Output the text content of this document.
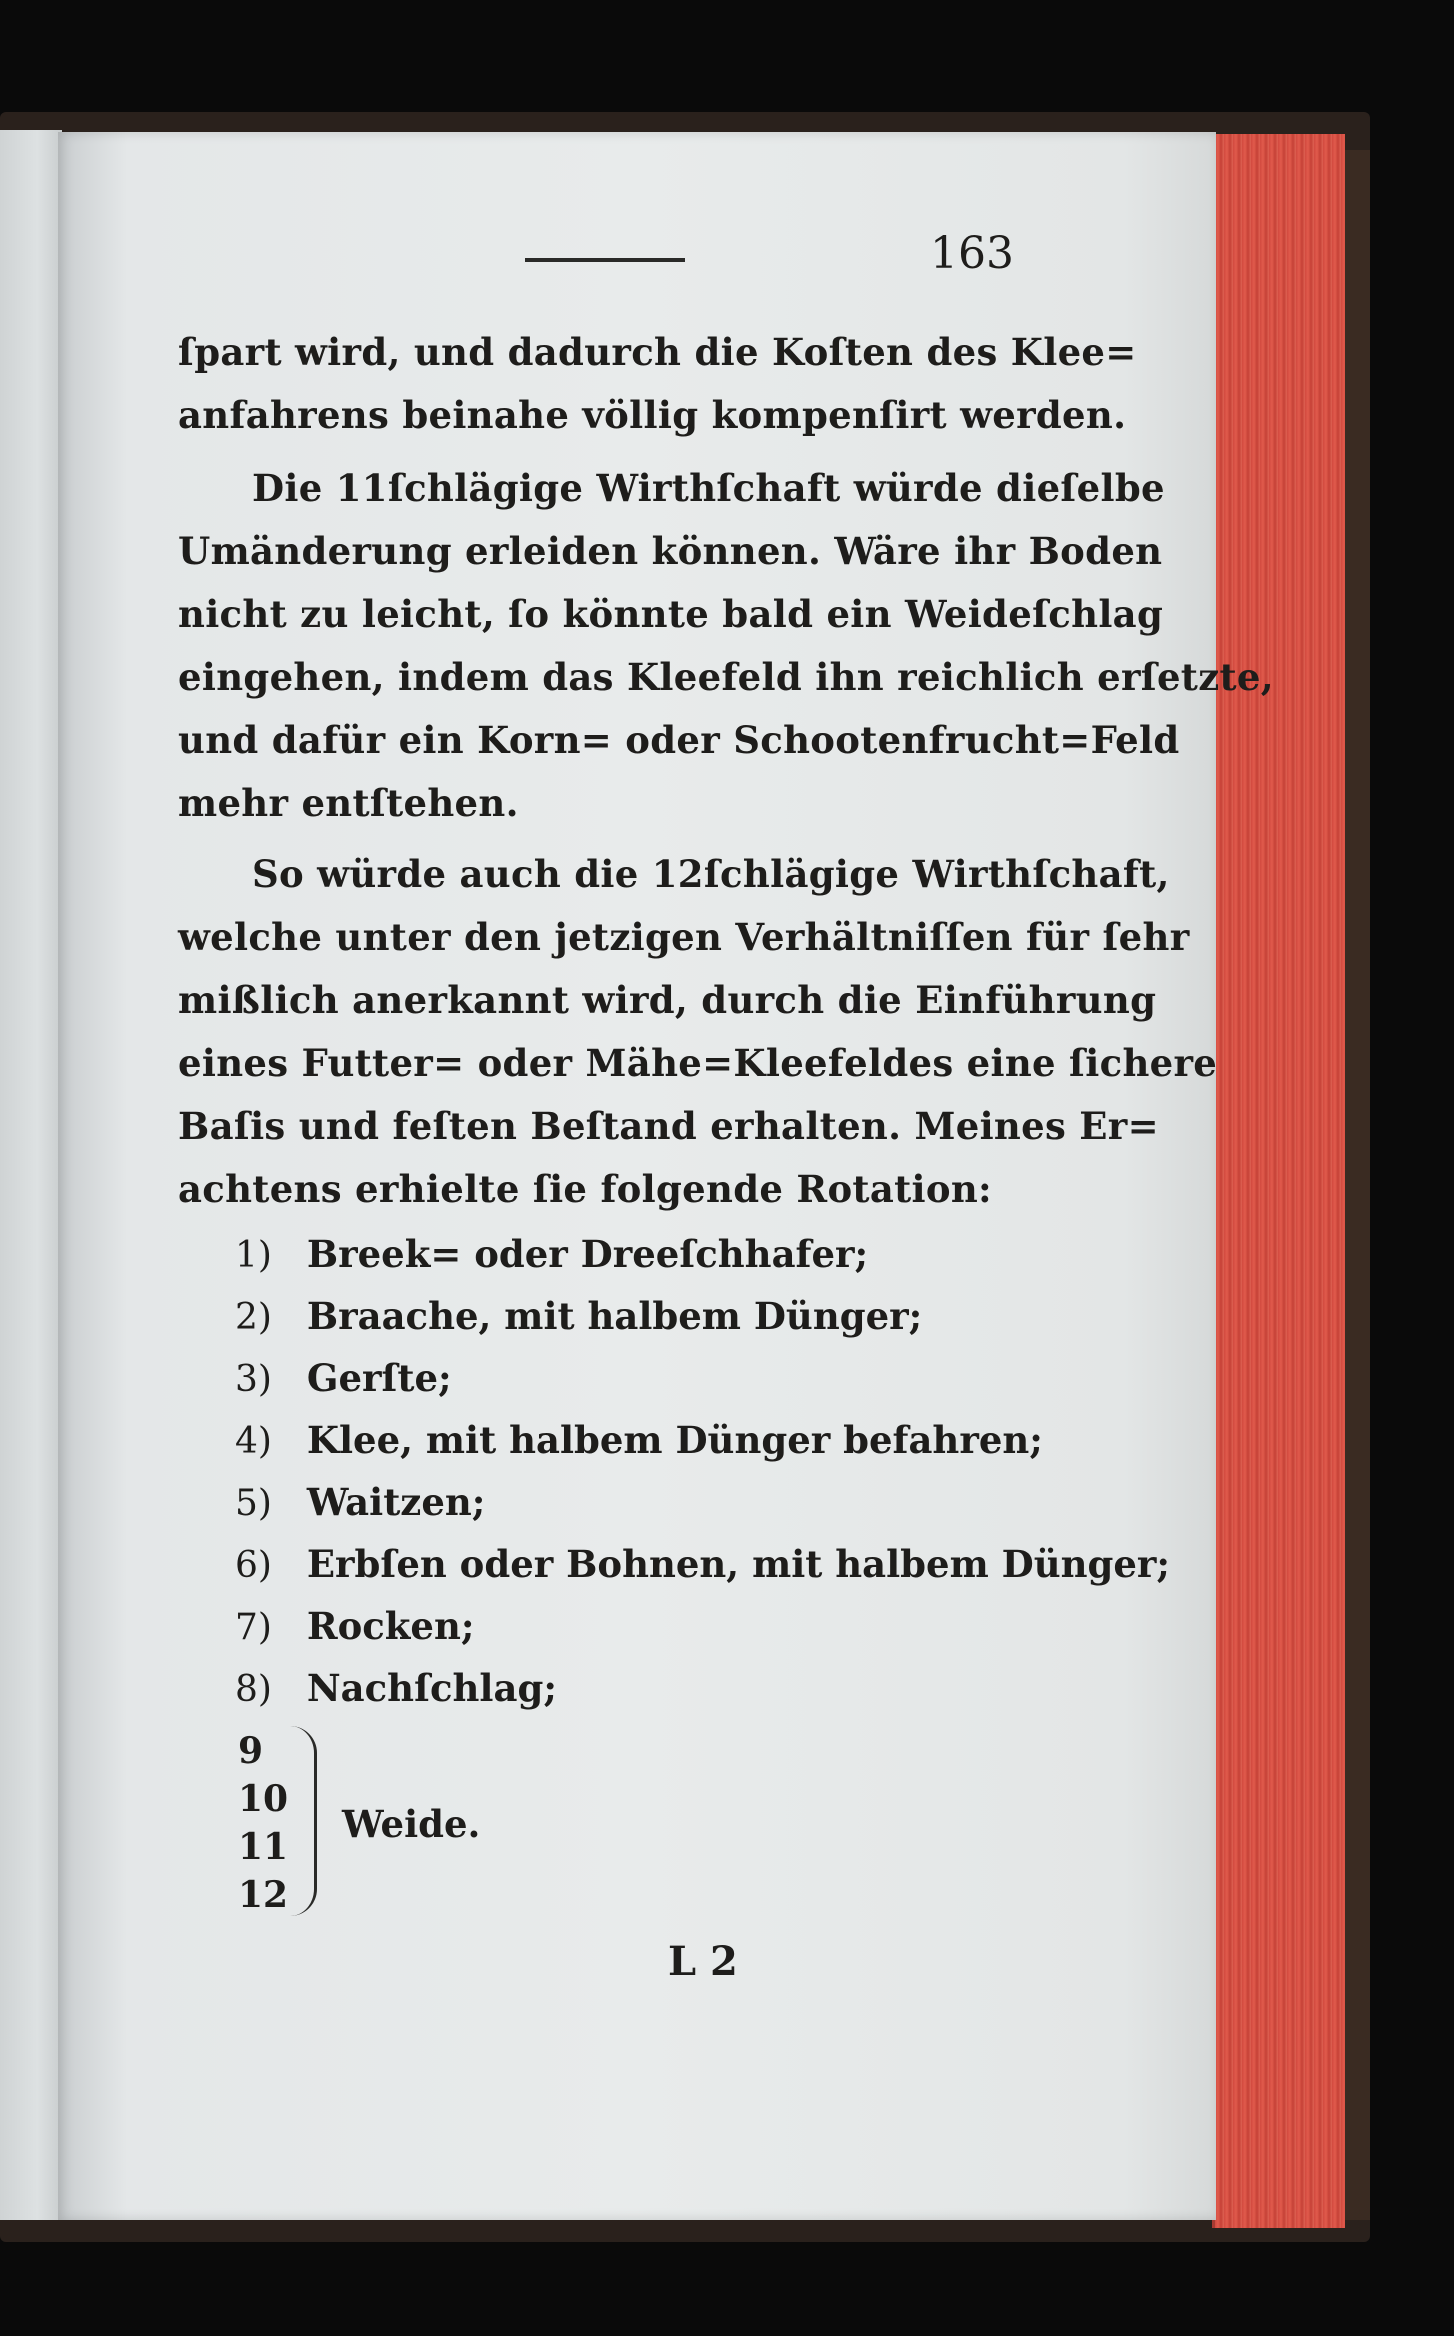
163
ſpart wird, und dadurch die Koſten des Klee=
anfahrens beinahe völlig kompenſirt werden.
Die 11ſchlägige Wirthſchaft würde dieſelbe
Umänderung erleiden können. Wäre ihr Boden
nicht zu leicht, ſo könnte bald ein Weideſchlag
eingehen, indem das Kleefeld ihn reichlich erſetzte,
und dafür ein Korn= oder Schootenfrucht=Feld
mehr entſtehen.
So würde auch die 12ſchlägige Wirthſchaft,
welche unter den jetzigen Verhältniſſen für ſehr
mißlich anerkannt wird, durch die Einführung
eines Futter= oder Mähe=Kleefeldes eine ſichere
Baſis und feſten Beſtand erhalten. Meines Er=
achtens erhielte ſie folgende Rotation:
1) Breek= oder Dreeſchhafer;
2) Braache, mit halbem Dünger;
3) Gerſte;
4) Klee, mit halbem Dünger befahren;
5) Waitzen;
6) Erbſen oder Bohnen, mit halbem Dünger;
7) Rocken;
8) Nachſchlag;
9
10
11
12
Weide.
L 2
